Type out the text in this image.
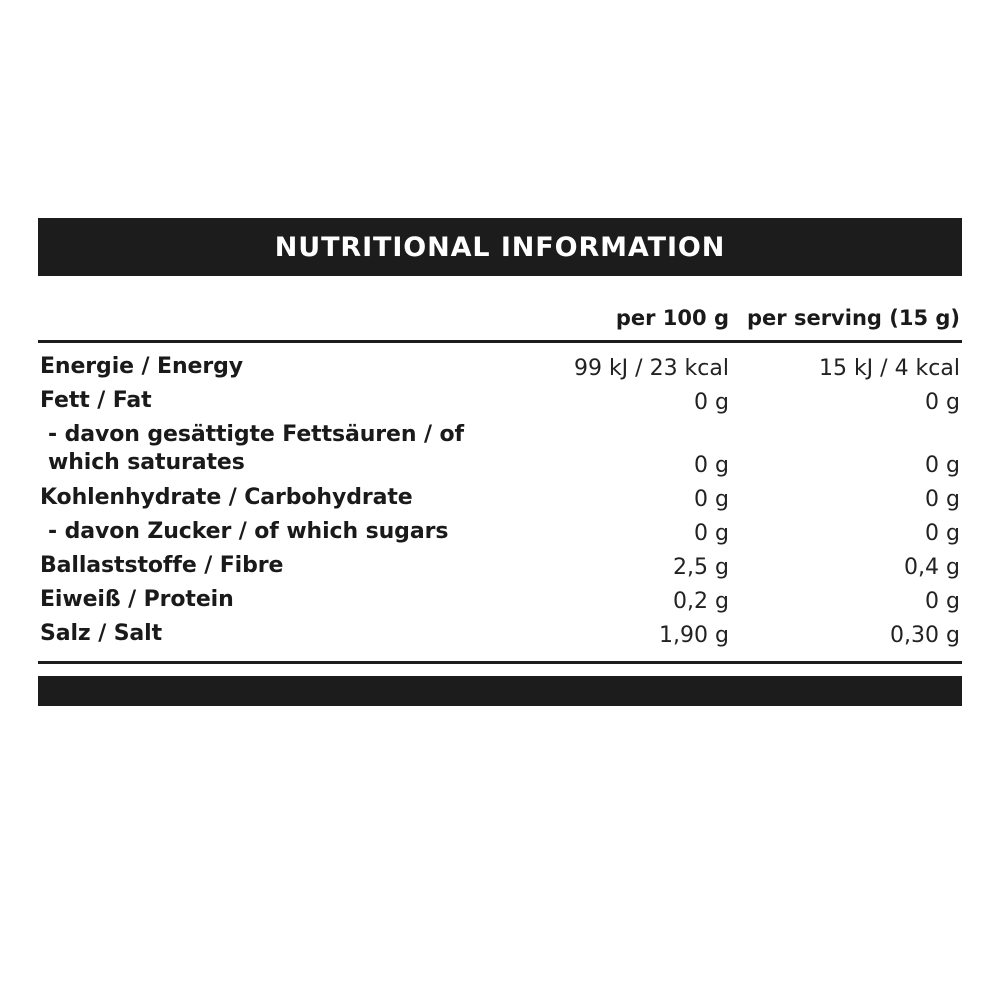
NUTRITIONAL INFORMATION
	per 100 g	per serving (15 g)
Energie / Energy	99 kJ / 23 kcal	15 kJ / 4 kcal
Fett / Fat	0 g	0 g
- davon gesättigte Fettsäuren / of which saturates	0 g	0 g
Kohlenhydrate / Carbohydrate	0 g	0 g
- davon Zucker / of which sugars	0 g	0 g
Ballaststoffe / Fibre	2,5 g	0,4 g
Eiweiß / Protein	0,2 g	0 g
Salz / Salt	1,90 g	0,30 g
